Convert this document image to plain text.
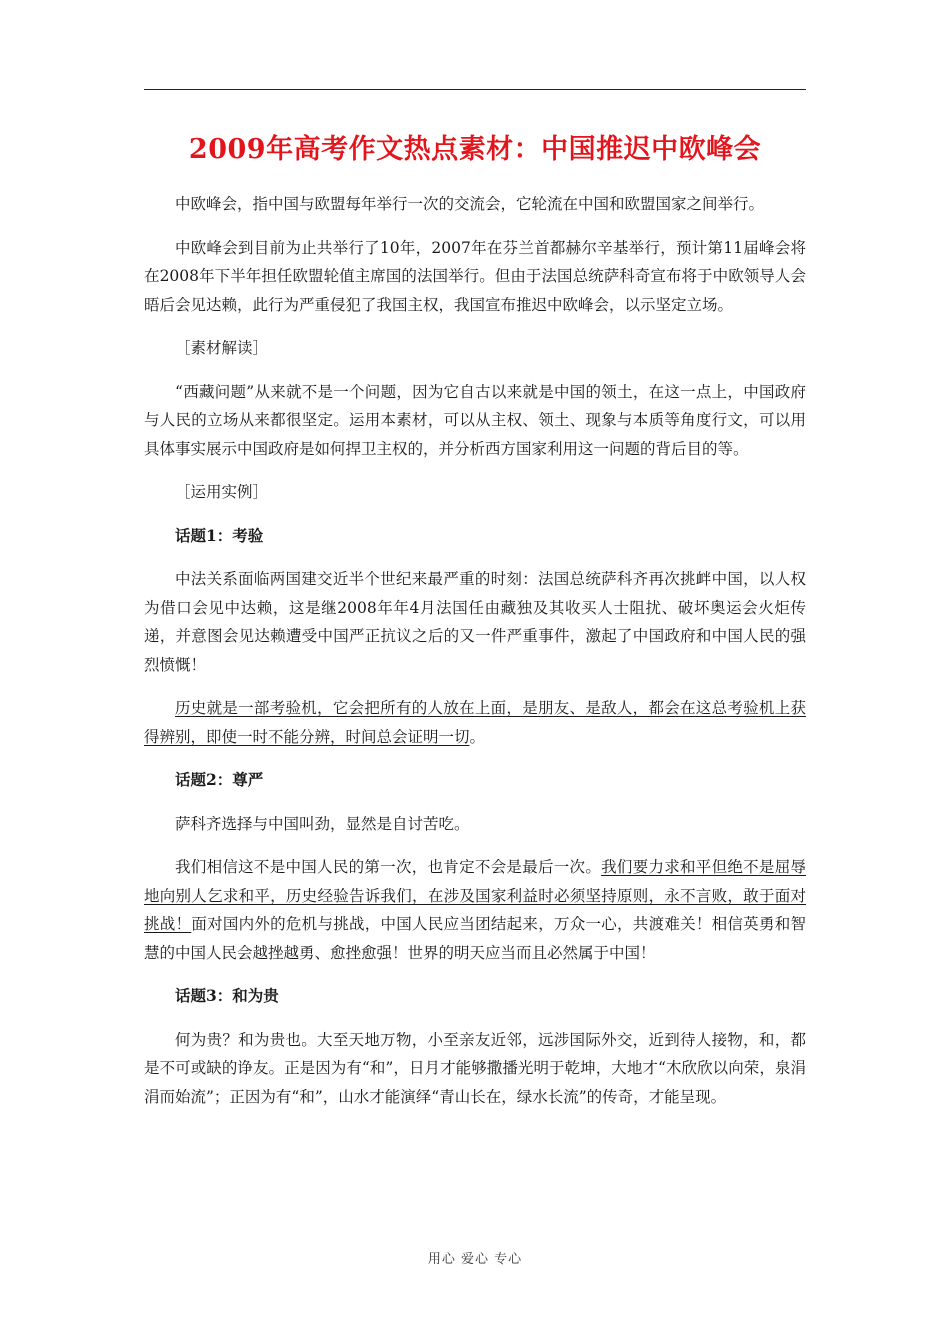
2009年高考作文热点素材：中国推迟中欧峰会

中欧峰会，指中国与欧盟每年举行一次的交流会，它轮流在中国和欧盟国家之间举行。

中欧峰会到目前为止共举行了10年，2007年在芬兰首都赫尔辛基举行，预计第11届峰会将在2008年下半年担任欧盟轮值主席国的法国举行。但由于法国总统萨科奇宣布将于中欧领导人会晤后会见达赖，此行为严重侵犯了我国主权，我国宣布推迟中欧峰会，以示坚定立场。

［素材解读］

“西藏问题”从来就不是一个问题，因为它自古以来就是中国的领土，在这一点上，中国政府与人民的立场从来都很坚定。运用本素材，可以从主权、领土、现象与本质等角度行文，可以用具体事实展示中国政府是如何捍卫主权的，并分析西方国家利用这一问题的背后目的等。

［运用实例］

话题1：考验

中法关系面临两国建交近半个世纪来最严重的时刻：法国总统萨科齐再次挑衅中国，以人权为借口会见中达赖，这是继2008年年4月法国任由藏独及其收买人士阻扰、破坏奥运会火炬传递，并意图会见达赖遭受中国严正抗议之后的又一件严重事件，激起了中国政府和中国人民的强烈愤慨！

历史就是一部考验机，它会把所有的人放在上面，是朋友、是敌人，都会在这总考验机上获得辨别，即使一时不能分辨，时间总会证明一切。

话题2：尊严

萨科齐选择与中国叫劲，显然是自讨苦吃。

我们相信这不是中国人民的第一次，也肯定不会是最后一次。我们要力求和平但绝不是屈辱地向别人乞求和平，历史经验告诉我们，在涉及国家利益时必须坚持原则，永不言败，敢于面对挑战！面对国内外的危机与挑战，中国人民应当团结起来，万众一心，共渡难关！相信英勇和智慧的中国人民会越挫越勇、愈挫愈强！世界的明天应当而且必然属于中国！

话题3：和为贵

何为贵？和为贵也。大至天地万物，小至亲友近邻，远涉国际外交，近到待人接物，和，都是不可或缺的诤友。正是因为有“和”，日月才能够撒播光明于乾坤，大地才“木欣欣以向荣，泉涓涓而始流”；正因为有“和”，山水才能演绎“青山长在，绿水长流”的传奇，才能呈现。

用心 爱心 专心
